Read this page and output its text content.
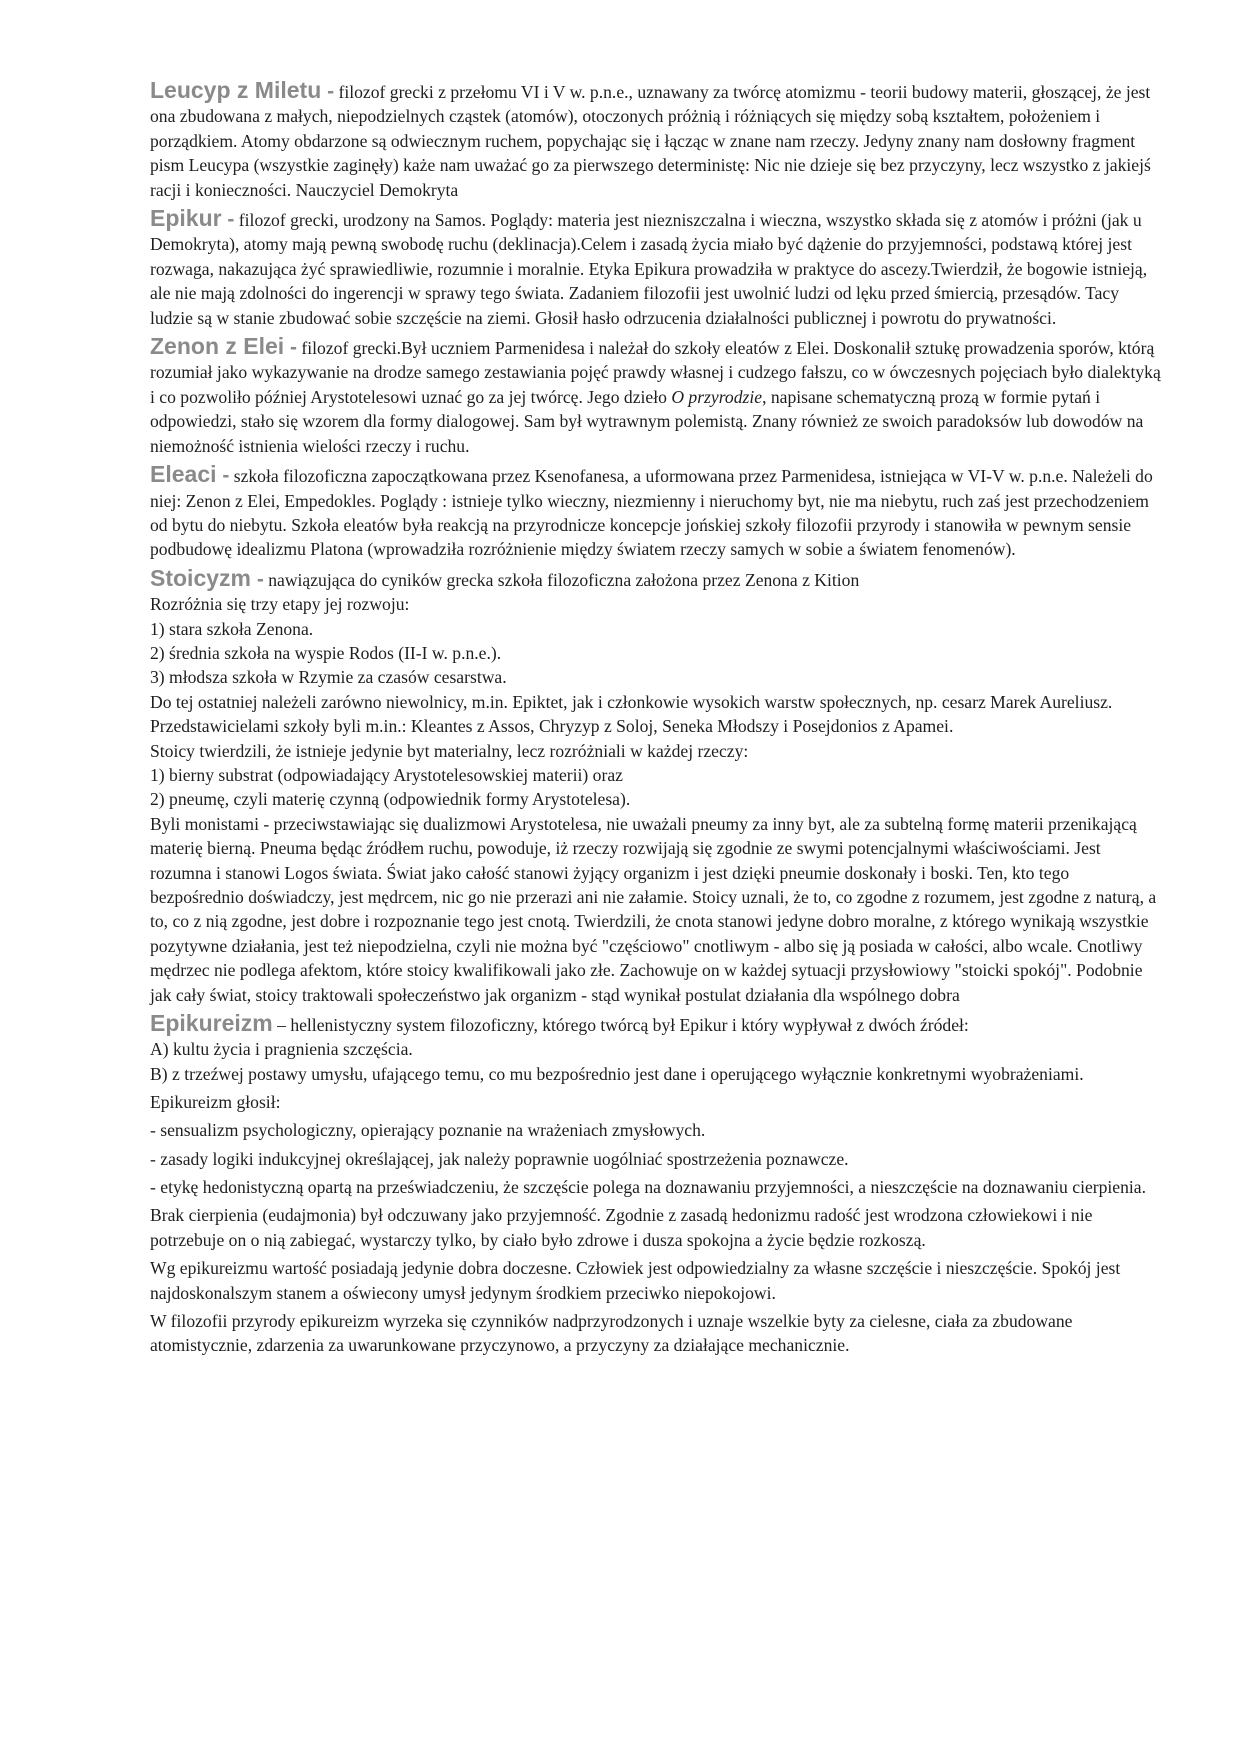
Leucyp z Miletu - filozof grecki z przełomu VI i V w. p.n.e., uznawany za twórcę atomizmu - teorii budowy materii, głoszącej, że jest ona zbudowana z małych, niepodzielnych cząstek (atomów), otoczonych próżnią i różniących się między sobą kształtem, położeniem i porządkiem. Atomy obdarzone są odwiecznym ruchem, popychając się i łącząc w znane nam rzeczy. Jedyny znany nam dosłowny fragment pism Leucypa (wszystkie zaginęły) każe nam uważać go za pierwszego deterministę: Nic nie dzieje się bez przyczyny, lecz wszystko z jakiejś racji i konieczności. Nauczyciel Demokryta

Epikur - filozof grecki, urodzony na Samos. Poglądy: materia jest niezniszczalna i wieczna, wszystko składa się z atomów i próżni (jak u Demokryta), atomy mają pewną swobodę ruchu (deklinacja).Celem i zasadą życia miało być dążenie do przyjemności, podstawą której jest rozwaga, nakazująca żyć sprawiedliwie, rozumnie i moralnie. Etyka Epikura prowadziła w praktyce do ascezy.Twierdził, że bogowie istnieją, ale nie mają zdolności do ingerencji w sprawy tego świata. Zadaniem filozofii jest uwolnić ludzi od lęku przed śmiercią, przesądów. Tacy ludzie są w stanie zbudować sobie szczęście na ziemi. Głosił hasło odrzucenia działalności publicznej i powrotu do prywatności.

Zenon z Elei - filozof grecki.Był uczniem Parmenidesa i należał do szkoły eleatów z Elei. Doskonalił sztukę prowadzenia sporów, którą rozumiał jako wykazywanie na drodze samego zestawiania pojęć prawdy własnej i cudzego fałszu, co w ówczesnych pojęciach było dialektyką i co pozwoliło później Arystotelesowi uznać go za jej twórcę. Jego dzieło O przyrodzie, napisane schematyczną prozą w formie pytań i odpowiedzi, stało się wzorem dla formy dialogowej. Sam był wytrawnym polemistą. Znany również ze swoich paradoksów lub dowodów na niemożność istnienia wielości rzeczy i ruchu.

Eleaci - szkoła filozoficzna zapoczątkowana przez Ksenofanesa, a uformowana przez Parmenidesa, istniejąca w VI-V w. p.n.e. Należeli do niej: Zenon z Elei, Empedokles. Poglądy : istnieje tylko wieczny, niezmienny i nieruchomy byt, nie ma niebytu, ruch zaś jest przechodzeniem od bytu do niebytu. Szkoła eleatów była reakcją na przyrodnicze koncepcje jońskiej szkoły filozofii przyrody i stanowiła w pewnym sensie podbudowę idealizmu Platona (wprowadziła rozróżnienie między światem rzeczy samych w sobie a światem fenomenów).

Stoicyzm - nawiązująca do cyników grecka szkoła filozoficzna założona przez Zenona z Kition
Rozróżnia się trzy etapy jej rozwoju:
1) stara szkoła Zenona.
2) średnia szkoła na wyspie Rodos (II-I w. p.n.e.).
3) młodsza szkoła w Rzymie za czasów cesarstwa.
Do tej ostatniej należeli zarówno niewolnicy, m.in. Epiktet, jak i członkowie wysokich warstw społecznych, np. cesarz Marek Aureliusz. Przedstawicielami szkoły byli m.in.: Kleantes z Assos, Chryzyp z Soloj, Seneka Młodszy i Posejdonios z Apamei.
Stoicy twierdzili, że istnieje jedynie byt materialny, lecz rozróżniali w każdej rzeczy:
1) bierny substrat (odpowiadający Arystotelesowskiej materii) oraz
2) pneumę, czyli materię czynną (odpowiednik formy Arystotelesa).
Byli monistami - przeciwstawiając się dualizmowi Arystotelesa, nie uważali pneumy za inny byt, ale za subtelną formę materii przenikającą materię bierną. Pneuma będąc źródłem ruchu, powoduje, iż rzeczy rozwijają się zgodnie ze swymi potencjalnymi właściwościami. Jest rozumna i stanowi Logos świata. Świat jako całość stanowi żyjący organizm i jest dzięki pneumie doskonały i boski. Ten, kto tego bezpośrednio doświadczy, jest mędrcem, nic go nie przerazi ani nie załamie. Stoicy uznali, że to, co zgodne z rozumem, jest zgodne z naturą, a to, co z nią zgodne, jest dobre i rozpoznanie tego jest cnotą. Twierdzili, że cnota stanowi jedyne dobro moralne, z którego wynikają wszystkie pozytywne działania, jest też niepodzielna, czyli nie można być "częściowo" cnotliwym - albo się ją posiada w całości, albo wcale. Cnotliwy mędrzec nie podlega afektom, które stoicy kwalifikowali jako złe. Zachowuje on w każdej sytuacji przysłowiowy "stoicki spokój". Podobnie jak cały świat, stoicy traktowali społeczeństwo jak organizm - stąd wynikał postulat działania dla wspólnego dobra
Epikureizm – hellenistyczny system filozoficzny, którego twórcą był Epikur i który wypływał z dwóch źródeł:
A) kultu życia i pragnienia szczęścia.
B) z trzeźwej postawy umysłu, ufającego temu, co mu bezpośrednio jest dane i operującego wyłącznie konkretnymi wyobrażeniami.
Epikureizm głosił:
- sensualizm psychologiczny, opierający poznanie na wrażeniach zmysłowych.
- zasady logiki indukcyjnej określającej, jak należy poprawnie uogólniać spostrzeżenia poznawcze.
- etykę hedonistyczną opartą na przeświadczeniu, że szczęście polega na doznawaniu przyjemności, a nieszczęście na doznawaniu cierpienia.
Brak cierpienia (eudajmonia) był odczuwany jako przyjemność. Zgodnie z zasadą hedonizmu radość jest wrodzona człowiekowi i nie potrzebuje on o nią zabiegać, wystarczy tylko, by ciało było zdrowe i dusza spokojna a życie będzie rozkoszą.
Wg epikureizmu wartość posiadają jedynie dobra doczesne. Człowiek jest odpowiedzialny za własne szczęście i nieszczęście. Spokój jest najdoskonalszym stanem a oświecony umysł jedynym środkiem przeciwko niepokojowi.
W filozofii przyrody epikureizm wyrzeka się czynników nadprzyrodzonych i uznaje wszelkie byty za cielesne, ciała za zbudowane atomistycznie, zdarzenia za uwarunkowane przyczynowo, a przyczyny za działające mechanicznie.
